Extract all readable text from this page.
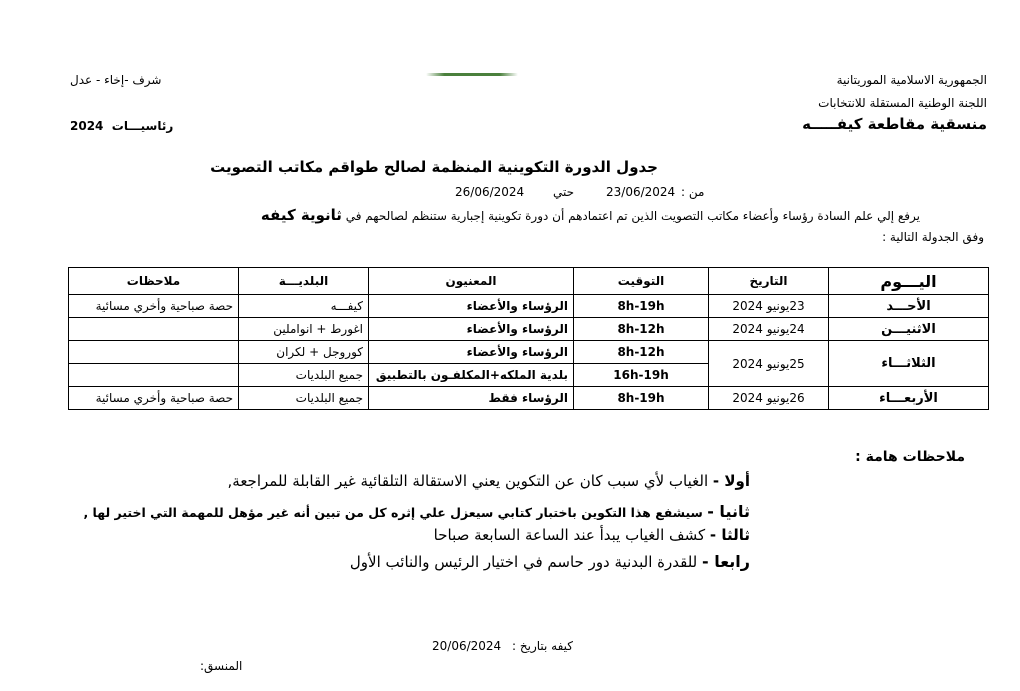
الجمهورية الاسلامية الموريتانية
اللجنة الوطنية المستقلة للانتخابات
منسقية مقاطعة كيفـــــه
شرف -إخاء - عدل
رئاسيـــات  2024
جدول الدورة التكوينية المنظمة لصالح طواقم مكاتب التصويت
26/06/2024 حتي	23/06/2024 من :
يرفع إلي علم السادة رؤساء وأعضاء مكاتب التصويت الذين تم اعتمادهم أن دورة تكوينية إجبارية ستنظم لصالحهم في ثانوية كيفه
وفق الجدولة التالية :
اليـــوم	التاريخ	التوقيت	المعنيون	البلديـــة	ملاحظات
الأحـــد	23يونيو 2024	8h-19h	الرؤساء والأعضاء	كيفـــه	حصة صباحية وأخري مسائية
الاثنيـــن	24يونيو 2024	8h-12h	الرؤساء والأعضاء	اغورط + انواملين	
الثلاثـــاء	25يونيو 2024	8h-12h	الرؤساء والأعضاء	كوروجل + لكران	
		16h-19h	بلدية الملكه+المكلفـون بالتطبيق	جميع البلديات	
الأربعـــاء	26يونيو 2024	8h-19h	الرؤساء فقط	جميع البلديات	حصة صباحية وأخري مسائية
ملاحظات هامة :
أولا - الغياب لأي سبب كان عن التكوين يعني الاستقالة التلقائية غير القابلة للمراجعة,
ثانيا - سيشفع هذا التكوين باختبار كتابي سيعزل علي إثره كل من تبين أنه غير مؤهل للمهمة التي اختير لها ,
ثالثا - كشف الغياب يبدأ عند الساعة السابعة صباحا
رابعا - للقدرة البدنية دور حاسم في اختيار الرئيس والنائب الأول
20/06/2024 كيفه بتاريخ :
المنسق:
